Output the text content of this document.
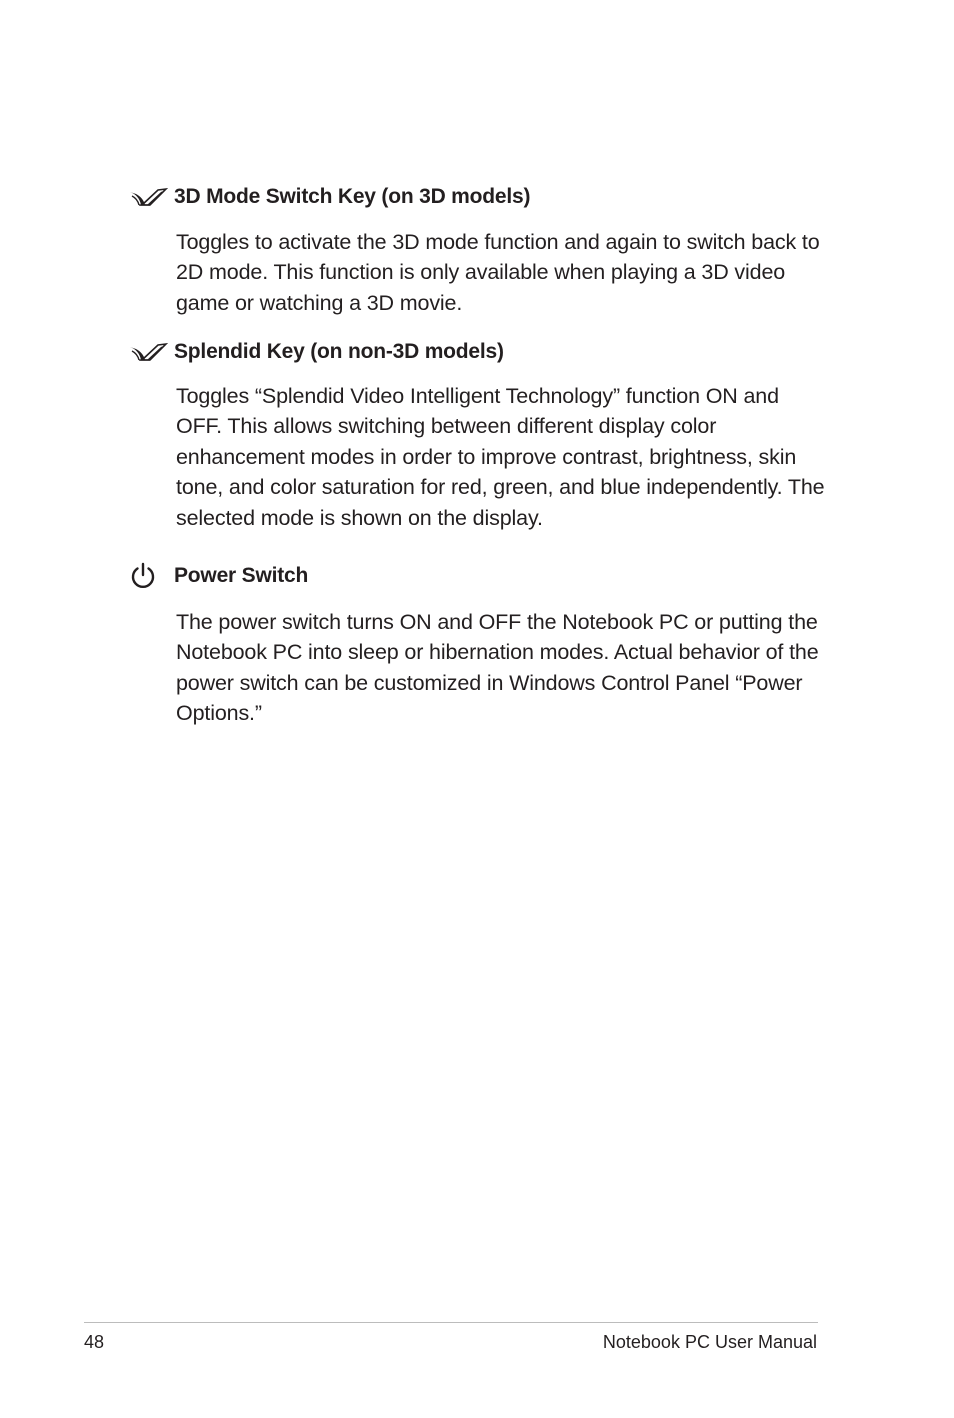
3D Mode Switch Key (on 3D models)
Toggles to activate the 3D mode function and again to switch back to 2D mode. This function is only available when playing a 3D video game or watching a 3D movie.
Splendid Key (on non-3D models)
Toggles “Splendid Video Intelligent Technology” function ON and OFF. This allows switching between different display color enhancement modes in order to improve contrast, brightness, skin tone, and color saturation for red, green, and blue independently. The selected mode is shown on the display.
Power Switch
The power switch turns ON and OFF the Notebook PC or putting the Notebook PC into sleep or hibernation modes. Actual behavior of the power switch can be customized in Windows Control Panel “Power Options.”
48	Notebook PC User Manual
